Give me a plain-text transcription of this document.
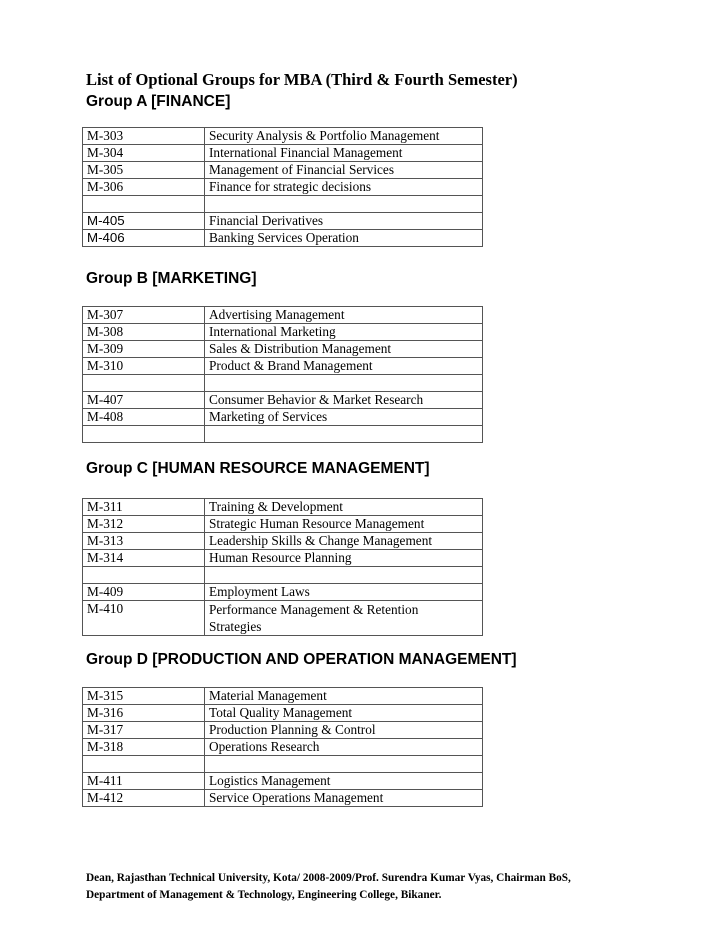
List of Optional Groups for MBA (Third & Fourth Semester)
Group A [FINANCE]
M-303	Security Analysis & Portfolio Management
M-304	International Financial Management
M-305	Management of Financial Services
M-306	Finance for strategic decisions

M-405	Financial Derivatives
M-406	Banking Services Operation
Group B [MARKETING]
M-307	Advertising Management
M-308	International Marketing
M-309	Sales & Distribution Management
M-310	Product & Brand Management

M-407	Consumer Behavior & Market Research
M-408	Marketing of Services

Group C [HUMAN RESOURCE MANAGEMENT]
M-311	Training & Development
M-312	Strategic Human Resource Management
M-313	Leadership Skills & Change Management
M-314	Human Resource Planning

M-409	Employment Laws
M-410	Performance Management & Retention Strategies
Group D [PRODUCTION AND OPERATION MANAGEMENT]
M-315	Material Management
M-316	Total Quality Management
M-317	Production Planning & Control
M-318	Operations Research

M-411	Logistics Management
M-412	Service Operations Management
Dean, Rajasthan Technical University, Kota/ 2008-2009/Prof. Surendra Kumar Vyas, Chairman BoS,
Department of Management & Technology, Engineering College, Bikaner.
